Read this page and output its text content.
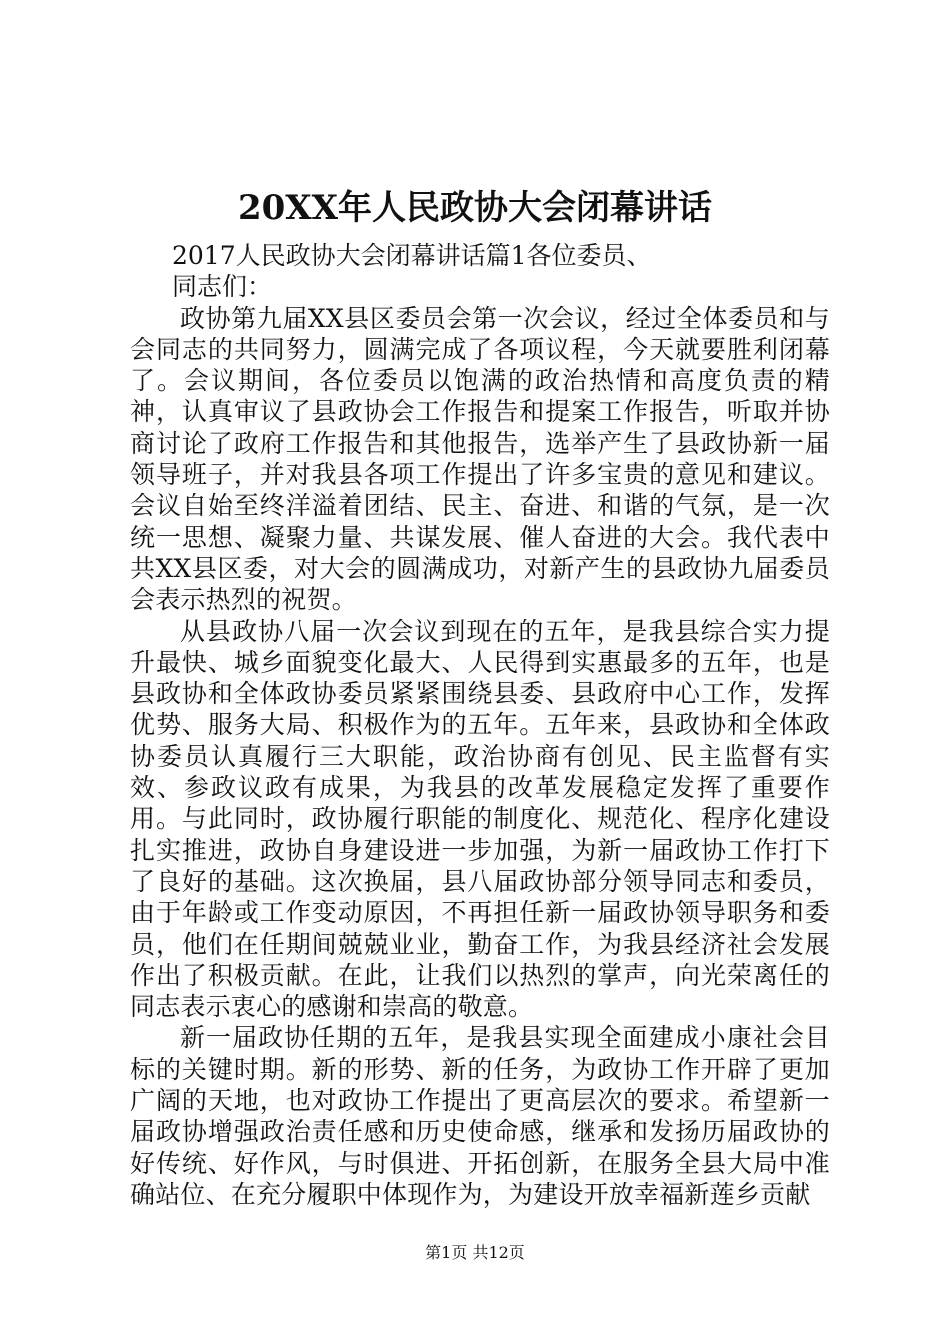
20XX年人民政协大会闭幕讲话

2017人民政协大会闭幕讲话篇1各位委员、

同志们：

政协第九届XX县区委员会第一次会议，经过全体委员和与会同志的共同努力，圆满完成了各项议程，今天就要胜利闭幕了。会议期间，各位委员以饱满的政治热情和高度负责的精神，认真审议了县政协会工作报告和提案工作报告，听取并协商讨论了政府工作报告和其他报告，选举产生了县政协新一届领导班子，并对我县各项工作提出了许多宝贵的意见和建议。会议自始至终洋溢着团结、民主、奋进、和谐的气氛，是一次统一思想、凝聚力量、共谋发展、催人奋进的大会。我代表中共XX县区委，对大会的圆满成功，对新产生的县政协九届委员会表示热烈的祝贺。

从县政协八届一次会议到现在的五年，是我县综合实力提升最快、城乡面貌变化最大、人民得到实惠最多的五年，也是县政协和全体政协委员紧紧围绕县委、县政府中心工作，发挥优势、服务大局、积极作为的五年。五年来，县政协和全体政协委员认真履行三大职能，政治协商有创见、民主监督有实效、参政议政有成果，为我县的改革发展稳定发挥了重要作用。与此同时，政协履行职能的制度化、规范化、程序化建设扎实推进，政协自身建设进一步加强，为新一届政协工作打下了良好的基础。这次换届，县八届政协部分领导同志和委员，由于年龄或工作变动原因，不再担任新一届政协领导职务和委员，他们在任期间兢兢业业，勤奋工作，为我县经济社会发展作出了积极贡献。在此，让我们以热烈的掌声，向光荣离任的同志表示衷心的感谢和崇高的敬意。

新一届政协任期的五年，是我县实现全面建成小康社会目标的关键时期。新的形势、新的任务，为政协工作开辟了更加广阔的天地，也对政协工作提出了更高层次的要求。希望新一届政协增强政治责任感和历史使命感，继承和发扬历届政协的好传统、好作风，与时俱进、开拓创新，在服务全县大局中准确站位、在充分履职中体现作为，为建设开放幸福新莲乡贡献

第1页 共12页
